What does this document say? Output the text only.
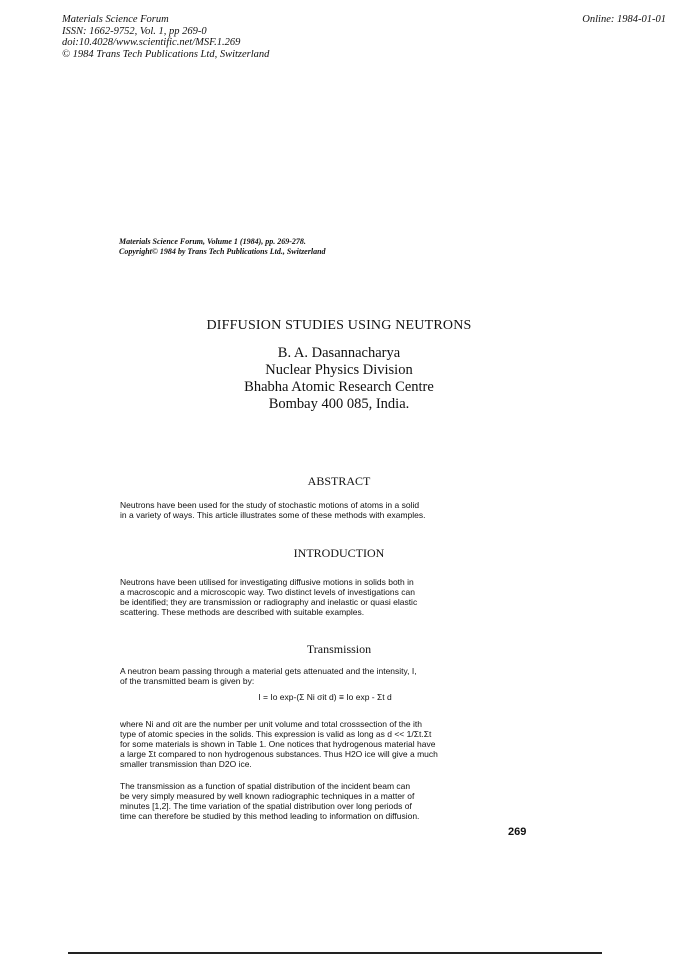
Materials Science Forum
ISSN: 1662-9752, Vol. 1, pp 269-0
doi:10.4028/www.scientific.net/MSF.1.269
© 1984 Trans Tech Publications Ltd, Switzerland
Online: 1984-01-01
Materials Science Forum, Volume 1 (1984), pp. 269-278.
Copyright© 1984 by Trans Tech Publications Ltd., Switzerland
DIFFUSION STUDIES USING NEUTRONS
B. A. Dasannacharya
Nuclear Physics Division
Bhabha Atomic Research Centre
Bombay 400 085, India.
ABSTRACT
Neutrons have been used for the study of stochastic motions of atoms in a solid
in a variety of ways. This article illustrates some of these methods with examples.
INTRODUCTION
Neutrons have been utilised for investigating diffusive motions in solids both in
a macroscopic and a microscopic way. Two distinct levels of investigations can
be identified; they are transmission or radiography and inelastic or quasi elastic
scattering. These methods are described with suitable examples.
Transmission
A neutron beam passing through a material gets attenuated and the intensity, I,
of the transmitted beam is given by:
I = Io exp-(Σ Ni σit d) ≡ Io exp - Σt d
where Ni and σit are the number per unit volume and total crosssection of the ith
type of atomic species in the solids. This expression is valid as long as d << 1/Σt.Σt
for some materials is shown in Table 1. One notices that hydrogenous material have
a large Σt compared to non hydrogenous substances. Thus H2O ice will give a much
smaller transmission than D2O ice.
The transmission as a function of spatial distribution of the incident beam can
be very simply measured by well known radiographic techniques in a matter of
minutes [1,2]. The time variation of the spatial distribution over long periods of
time can therefore be studied by this method leading to information on diffusion.
269
